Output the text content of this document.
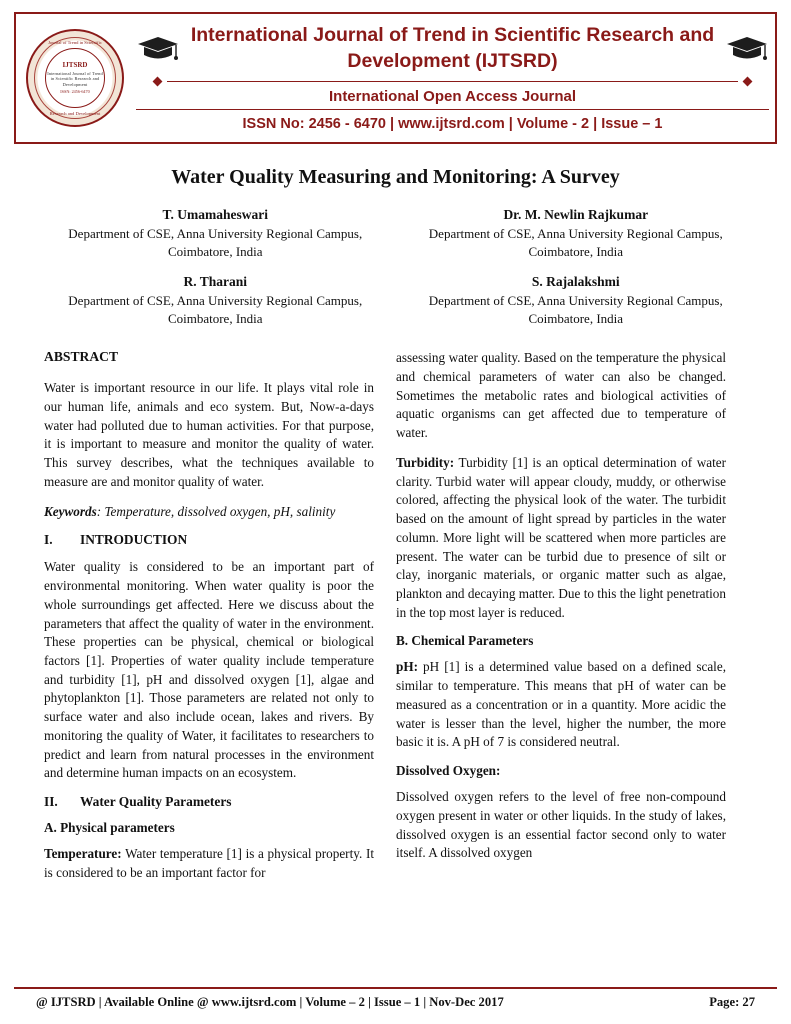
Journal of Trend in Scientific
Research and Development
IJTSRD
International Journal of Trend in Scientific Research and Development
ISSN: 2456-6470
International Journal of Trend in Scientific Research and Development (IJTSRD)
International Open Access Journal
ISSN No: 2456 - 6470 | www.ijtsrd.com | Volume - 2 | Issue – 1
Water Quality Measuring and Monitoring: A Survey
T. Umamaheswari
Department of CSE, Anna University Regional Campus, Coimbatore, India
Dr. M. Newlin Rajkumar
Department of CSE, Anna University Regional Campus, Coimbatore, India
R. Tharani
Department of CSE, Anna University Regional Campus, Coimbatore, India
S. Rajalakshmi
Department of CSE, Anna University Regional Campus, Coimbatore, India
ABSTRACT

Water is important resource in our life. It plays vital role in our human life, animals and eco system. But, Now-a-days water had polluted due to human activities. For that purpose, it is important to measure and monitor the quality of water. This survey describes, what the techniques available to measure are and monitor quality of water.

Keywords: Temperature, dissolved oxygen, pH, salinity

I.	INTRODUCTION

Water quality is considered to be an important part of environmental monitoring. When water quality is poor the whole surroundings get affected. Here we discuss about the parameters that affect the quality of water in the environment. These properties can be physical, chemical or biological factors [1]. Properties of water quality include temperature and turbidity [1], pH and dissolved oxygen [1], algae and phytoplankton [1]. Those parameters are related not only to surface water and also include ocean, lakes and rivers. By monitoring the quality of Water, it facilitates to researchers to predict and learn from natural processes in the environment and determine human impacts on an ecosystem.

II.	Water Quality Parameters
A. Physical parameters

Temperature: Water temperature [1] is a physical property. It is considered to be an important factor for

assessing water quality. Based on the temperature the physical and chemical parameters of water can also be changed. Sometimes the metabolic rates and biological activities of aquatic organisms can get affected due to temperature of water.

Turbidity: Turbidity [1] is an optical determination of water clarity. Turbid water will appear cloudy, muddy, or otherwise colored, affecting the physical look of the water. The turbidit based on the amount of light spread by particles in the water column. More light will be scattered when more particles are present. The water can be turbid due to presence of silt or clay, inorganic materials, or organic matter such as algae, plankton and decaying matter. Due to this the light penetration in the top most layer is reduced.

B. Chemical Parameters

pH: pH [1] is a determined value based on a defined scale, similar to temperature. This means that pH of water can be measured as a concentration or in a quantity. More acidic the water is lesser than the level, higher the number, the more basic it is. A pH of 7 is considered neutral.

Dissolved Oxygen:

Dissolved oxygen refers to the level of free non-compound oxygen present in water or other liquids. In the study of lakes, dissolved oxygen is an essential factor second only to water itself. A dissolved oxygen

@ IJTSRD | Available Online @ www.ijtsrd.com | Volume – 2 | Issue – 1 | Nov-Dec 2017	Page: 27
